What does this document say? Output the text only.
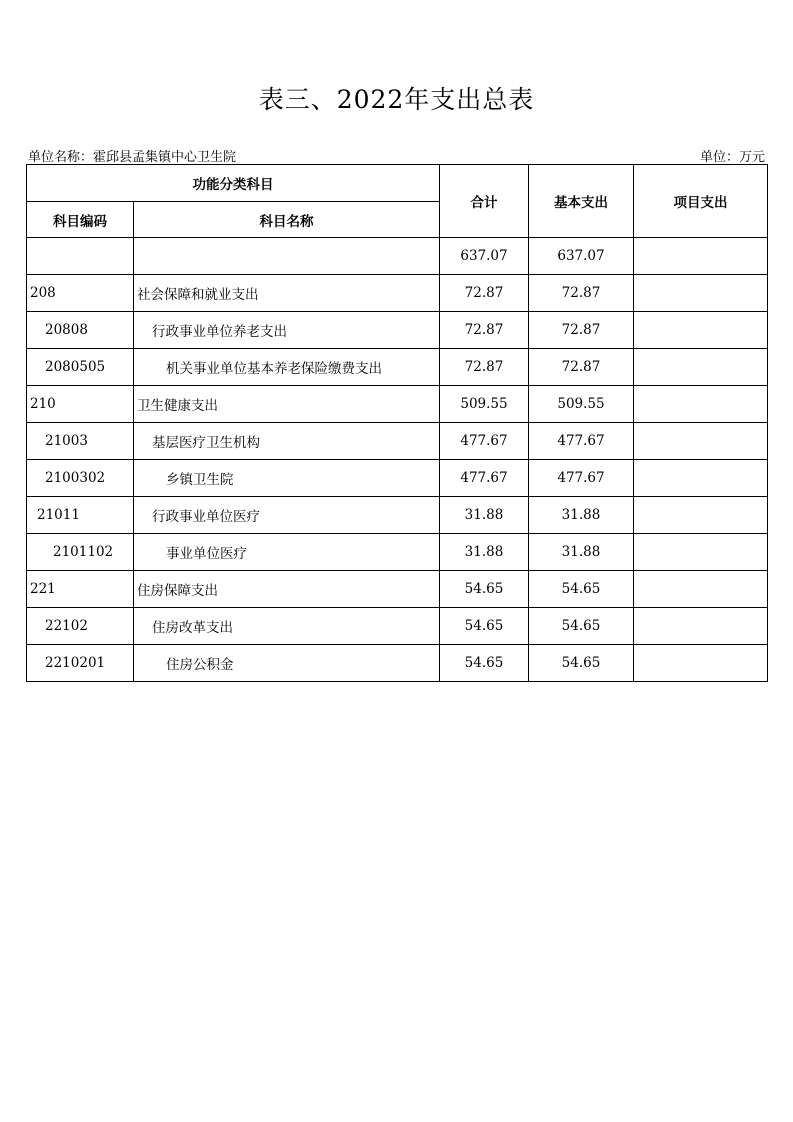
表三、2022年支出总表
单位名称：霍邱县孟集镇中心卫生院	单位：万元
功能分类科目		合计	基本支出	项目支出
科目编码	科目名称			
		637.07	637.07	
208	社会保障和就业支出	72.87	72.87	
20808	行政事业单位养老支出	72.87	72.87	
2080505	机关事业单位基本养老保险缴费支出	72.87	72.87	
210	卫生健康支出	509.55	509.55	
21003	基层医疗卫生机构	477.67	477.67	
2100302	乡镇卫生院	477.67	477.67	
21011	行政事业单位医疗	31.88	31.88	
2101102	事业单位医疗	31.88	31.88	
221	住房保障支出	54.65	54.65	
22102	住房改革支出	54.65	54.65	
2210201	住房公积金	54.65	54.65	
